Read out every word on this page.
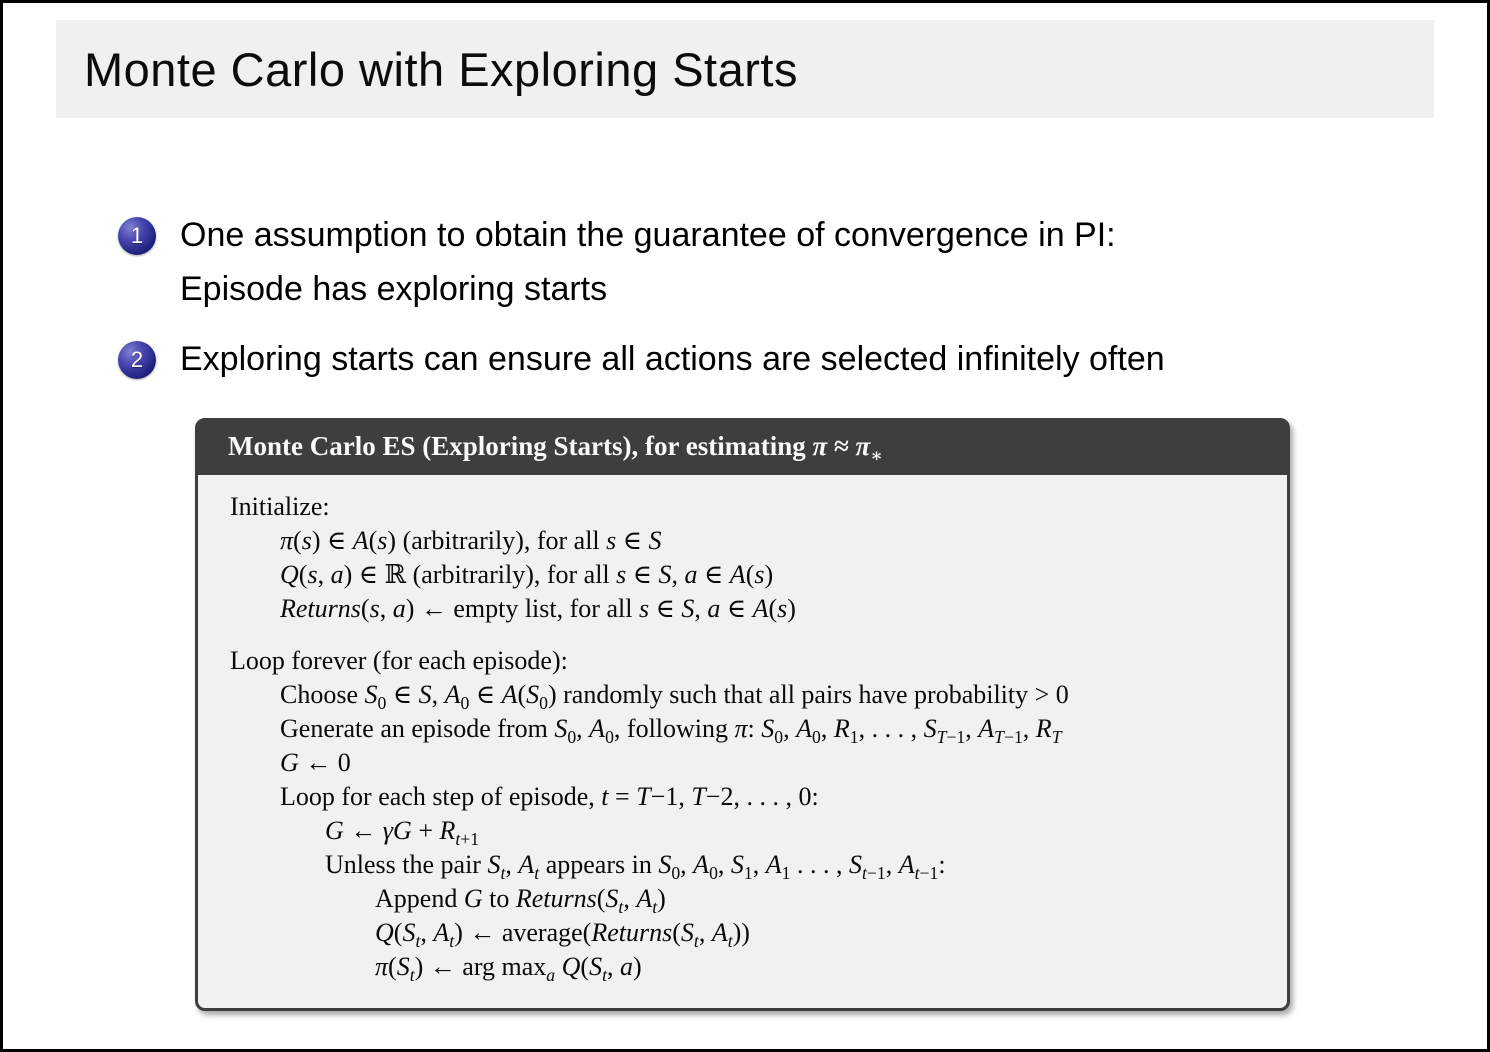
Monte Carlo with Exploring Starts
1	One assumption to obtain the guarantee of convergence in PI:
Episode has exploring starts
2	Exploring starts can ensure all actions are selected infinitely often
Monte Carlo ES (Exploring Starts), for estimating $\pi \approx \pi_∗$
Initialize:
π(s) ∈ A(s) (arbitrarily), for all s ∈ S
Q(s, a) ∈ ℝ (arbitrarily), for all s ∈ S, a ∈ A(s)
Returns(s, a) ← empty list, for all s ∈ S, a ∈ A(s)
Loop forever (for each episode):
Choose $S_0$ ∈ S, $A_0$ ∈ $A(S_0)$ randomly such that all pairs have probability > 0
Generate an episode from $S_0$, $A_0$, following π: $S_0$, $A_0$, $R_1$, . . . , $S_{T-1}$, $A_{T-1}$, $R_T$
G ← 0
Loop for each step of episode, t = T−1, T−2, . . . , 0:
G ← $\gamma G + R_{t+1}$
Unless the pair $S_t$, $A_t$ appears in $S_0$, $A_0$, $S_1$, $A_1$ . . . , $S_{t-1}$, $A_{t-1}$:
Append G to $Returns(S_t$, $A_t$)
$Q(S_t$, $A_t$) ← $average(Returns(S_t$, $A_t$))
$\pi(S_t)$ ← arg $\max_a Q(S_t$, a)
